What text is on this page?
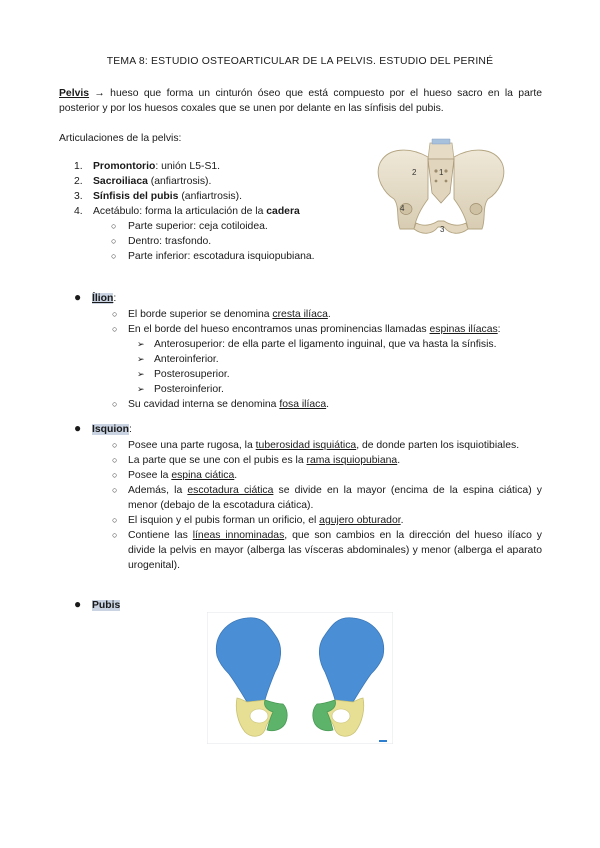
TEMA 8: ESTUDIO OSTEOARTICULAR DE LA PELVIS. ESTUDIO DEL PERINÉ
Pelvis → hueso que forma un cinturón óseo que está compuesto por el hueso sacro en la parte posterior y por los huesos coxales que se unen por delante en las sínfisis del pubis.
Articulaciones de la pelvis:
1
2
3
4
1. Promontorio: unión L5-S1.
2. Sacroiliaca (anfiartrosis).
3. Sínfisis del pubis (anfiartrosis).
4. Acetábulo: forma la articulación de la cadera
○ Parte superior: ceja cotiloidea.
○ Dentro: trasfondo.
○ Parte inferior: escotadura isquiopubiana.
● Ílion:
○ El borde superior se denomina cresta ilíaca.
○ En el borde del hueso encontramos unas prominencias llamadas espinas ilíacas:
➢ Anterosuperior: de ella parte el ligamento inguinal, que va hasta la sínfisis.
➢ Anteroinferior.
➢ Posterosuperior.
➢ Posteroinferior.
○ Su cavidad interna se denomina fosa ilíaca.
● Isquion:
○ Posee una parte rugosa, la tuberosidad isquiática, de donde parten los isquiotibiales.
○ La parte que se une con el pubis es la rama isquiopubiana.
○ Posee la espina ciática.
○ Además, la escotadura ciática se divide en la mayor (encima de la espina ciática) y menor (debajo de la escotadura ciática).
○ El isquion y el pubis forman un orificio, el agujero obturador.
○ Contiene las líneas innominadas, que son cambios en la dirección del hueso ilíaco y divide la pelvis en mayor (alberga las vísceras abdominales) y menor (alberga el aparato urogenital).
● Pubis
